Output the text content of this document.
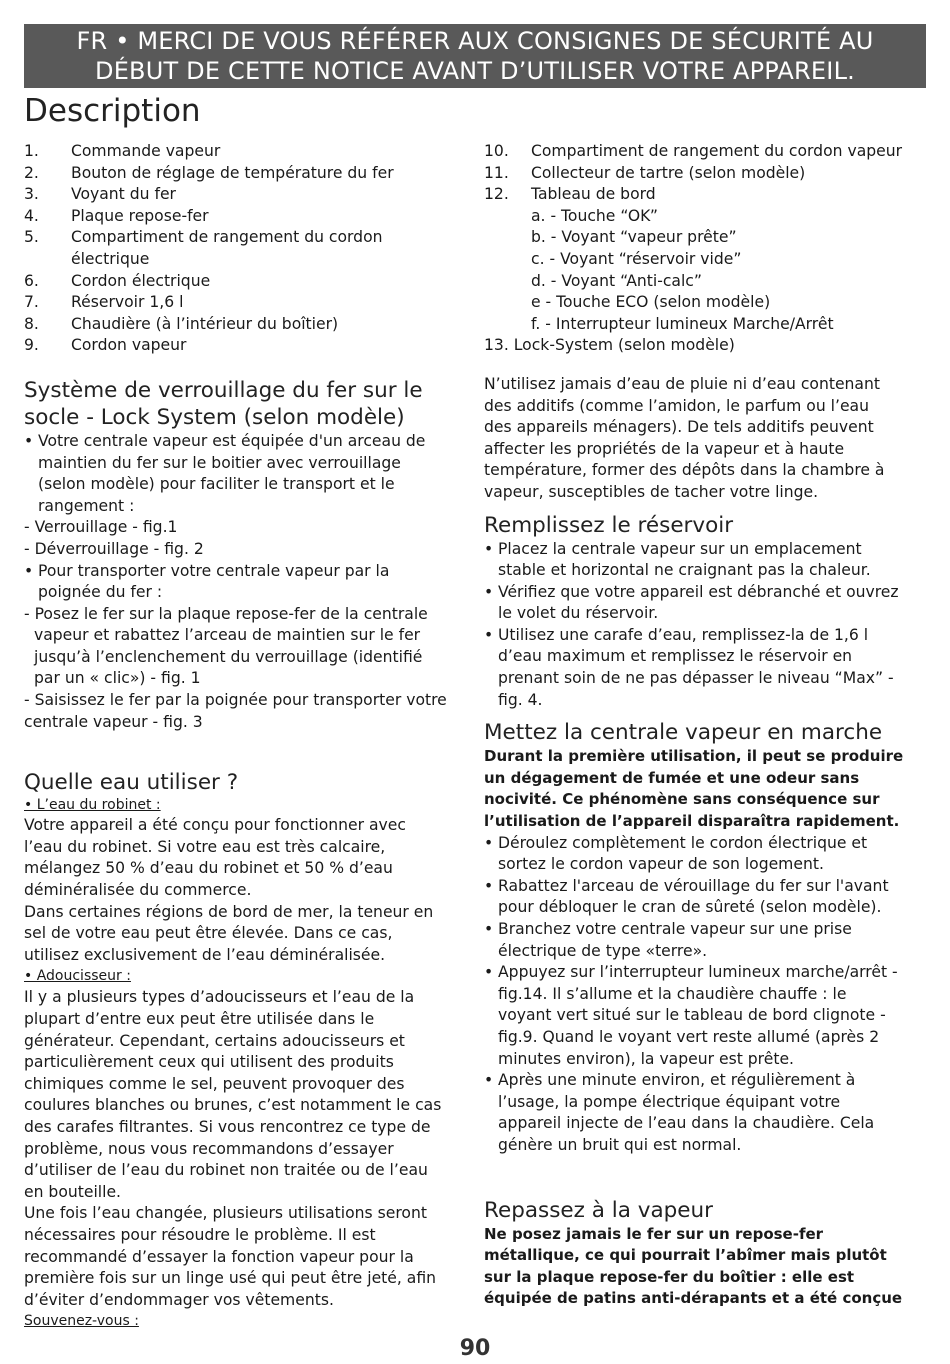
FR • MERCI DE VOUS RÉFÉRER AUX CONSIGNES DE SÉCURITÉ AU
DÉBUT DE CETTE NOTICE AVANT D’UTILISER VOTRE APPAREIL.
Description
1.	Commande vapeur
2.	Bouton de réglage de température du fer
3.	Voyant du fer
4.	Plaque repose-fer
5.	Compartiment de rangement du cordon
électrique
6.	Cordon électrique
7.	Réservoir 1,6 l
8.	Chaudière (à l’intérieur du boîtier)
9.	Cordon vapeur
Système de verrouillage du fer sur le
socle - Lock System (selon modèle)
• Votre centrale vapeur est équipée d'un arceau de
maintien du fer sur le boitier avec verrouillage
(selon modèle) pour faciliter le transport et le
rangement :
- Verrouillage - fig.1
- Déverrouillage - fig. 2
• Pour transporter votre centrale vapeur par la
poignée du fer :
- Posez le fer sur la plaque repose-fer de la centrale
vapeur et rabattez l’arceau de maintien sur le fer
jusqu’à l’enclenchement du verrouillage (identifié
par un « clic») - fig. 1
- Saisissez le fer par la poignée pour transporter votre
centrale vapeur - fig. 3
Quelle eau utiliser ?
• L’eau du robinet :
Votre appareil a été conçu pour fonctionner avec
l’eau du robinet. Si votre eau est très calcaire,
mélangez 50 % d’eau du robinet et 50 % d’eau
déminéralisée du commerce.
Dans certaines régions de bord de mer, la teneur en
sel de votre eau peut être élevée. Dans ce cas,
utilisez exclusivement de l’eau déminéralisée.
• Adoucisseur :
Il y a plusieurs types d’adoucisseurs et l’eau de la
plupart d’entre eux peut être utilisée dans le
générateur. Cependant, certains adoucisseurs et
particulièrement ceux qui utilisent des produits
chimiques comme le sel, peuvent provoquer des
coulures blanches ou brunes, c’est notamment le cas
des carafes filtrantes. Si vous rencontrez ce type de
problème, nous vous recommandons d’essayer
d’utiliser de l’eau du robinet non traitée ou de l’eau
en bouteille.
Une fois l’eau changée, plusieurs utilisations seront
nécessaires pour résoudre le problème. Il est
recommandé d’essayer la fonction vapeur pour la
première fois sur un linge usé qui peut être jeté, afin
d’éviter d’endommager vos vêtements.
Souvenez-vous :
10.	Compartiment de rangement du cordon vapeur
11.	Collecteur de tartre (selon modèle)
12.	Tableau de bord
a. - Touche “OK”
b. - Voyant “vapeur prête”
c. - Voyant “réservoir vide”
d. - Voyant “Anti-calc”
e - Touche ECO (selon modèle)
f. - Interrupteur lumineux Marche/Arrêt
13. Lock-System (selon modèle)
N’utilisez jamais d’eau de pluie ni d’eau contenant
des additifs (comme l’amidon, le parfum ou l’eau
des appareils ménagers). De tels additifs peuvent
affecter les propriétés de la vapeur et à haute
température, former des dépôts dans la chambre à
vapeur, susceptibles de tacher votre linge.
Remplissez le réservoir
• Placez la centrale vapeur sur un emplacement
stable et horizontal ne craignant pas la chaleur.
• Vérifiez que votre appareil est débranché et ouvrez
le volet du réservoir.
• Utilisez une carafe d’eau, remplissez-la de 1,6 l
d’eau maximum et remplissez le réservoir en
prenant soin de ne pas dépasser le niveau “Max” -
fig. 4.
Mettez la centrale vapeur en marche
Durant la première utilisation, il peut se produire
un dégagement de fumée et une odeur sans
nocivité. Ce phénomène sans conséquence sur
l’utilisation de l’appareil disparaîtra rapidement.
• Déroulez complètement le cordon électrique et
sortez le cordon vapeur de son logement.
• Rabattez l'arceau de vérouillage du fer sur l'avant
pour débloquer le cran de sûreté (selon modèle).
• Branchez votre centrale vapeur sur une prise
électrique de type «terre».
• Appuyez sur l’interrupteur lumineux marche/arrêt -
fig.14. Il s’allume et la chaudière chauffe : le
voyant vert situé sur le tableau de bord clignote -
fig.9. Quand le voyant vert reste allumé (après 2
minutes environ), la vapeur est prête.
• Après une minute environ, et régulièrement à
l’usage, la pompe électrique équipant votre
appareil injecte de l’eau dans la chaudière. Cela
génère un bruit qui est normal.
Repassez à la vapeur
Ne posez jamais le fer sur un repose-fer
métallique, ce qui pourrait l’abîmer mais plutôt
sur la plaque repose-fer du boîtier : elle est
équipée de patins anti-dérapants et a été conçue
90
